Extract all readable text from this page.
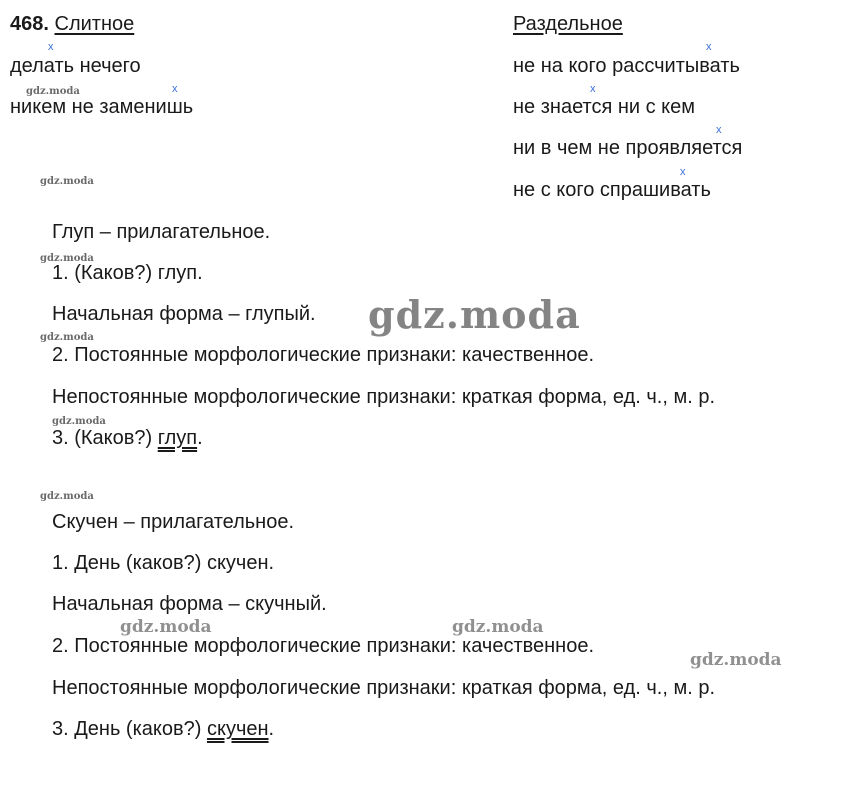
468. Слитное	Раздельное
x
x
x
x
x
x
делать нечего
никем не заменишь
не на кого рассчитывать
не знается ни с кем
ни в чем не проявляется
не с кого спрашивать
Глуп – прилагательное.
1. (Каков?) глуп.
Начальная форма – глупый.
2. Постоянные морфологические признаки: качественное.
Непостоянные морфологические признаки: краткая форма, ед. ч., м. р.
3. (Каков?) глуп.
Скучен – прилагательное.
1. День (каков?) скучен.
Начальная форма – скучный.
2. Постоянные морфологические признаки: качественное.
Непостоянные морфологические признаки: краткая форма, ед. ч., м. р.
3. День (каков?) скучен.
gdz.moda
gdz.moda
gdz.moda
gdz.moda
gdz.moda
gdz.moda
gdz.moda
gdz.moda	gdz.moda
gdz.moda
